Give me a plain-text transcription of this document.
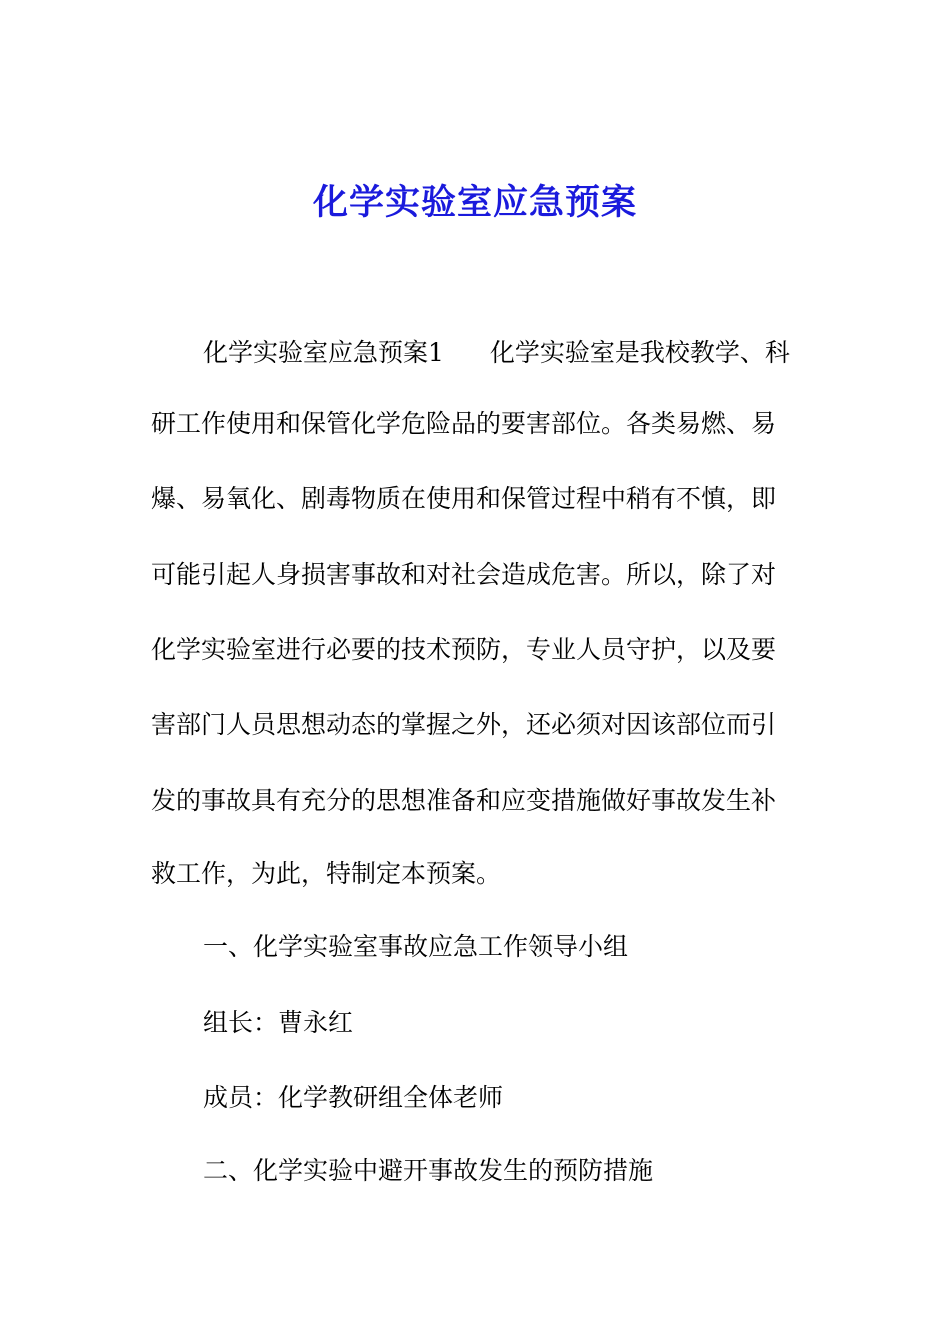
化学实验室应急预案
化学实验室应急预案1 化学实验室是我校教学、科
研工作使用和保管化学危险品的要害部位。各类易燃、易
爆、易氧化、剧毒物质在使用和保管过程中稍有不慎，即
可能引起人身损害事故和对社会造成危害。所以，除了对
化学实验室进行必要的技术预防，专业人员守护，以及要
害部门人员思想动态的掌握之外，还必须对因该部位而引
发的事故具有充分的思想准备和应变措施做好事故发生补
救工作，为此，特制定本预案。
一、化学实验室事故应急工作领导小组
组长：曹永红
成员：化学教研组全体老师
二、化学实验中避开事故发生的预防措施
